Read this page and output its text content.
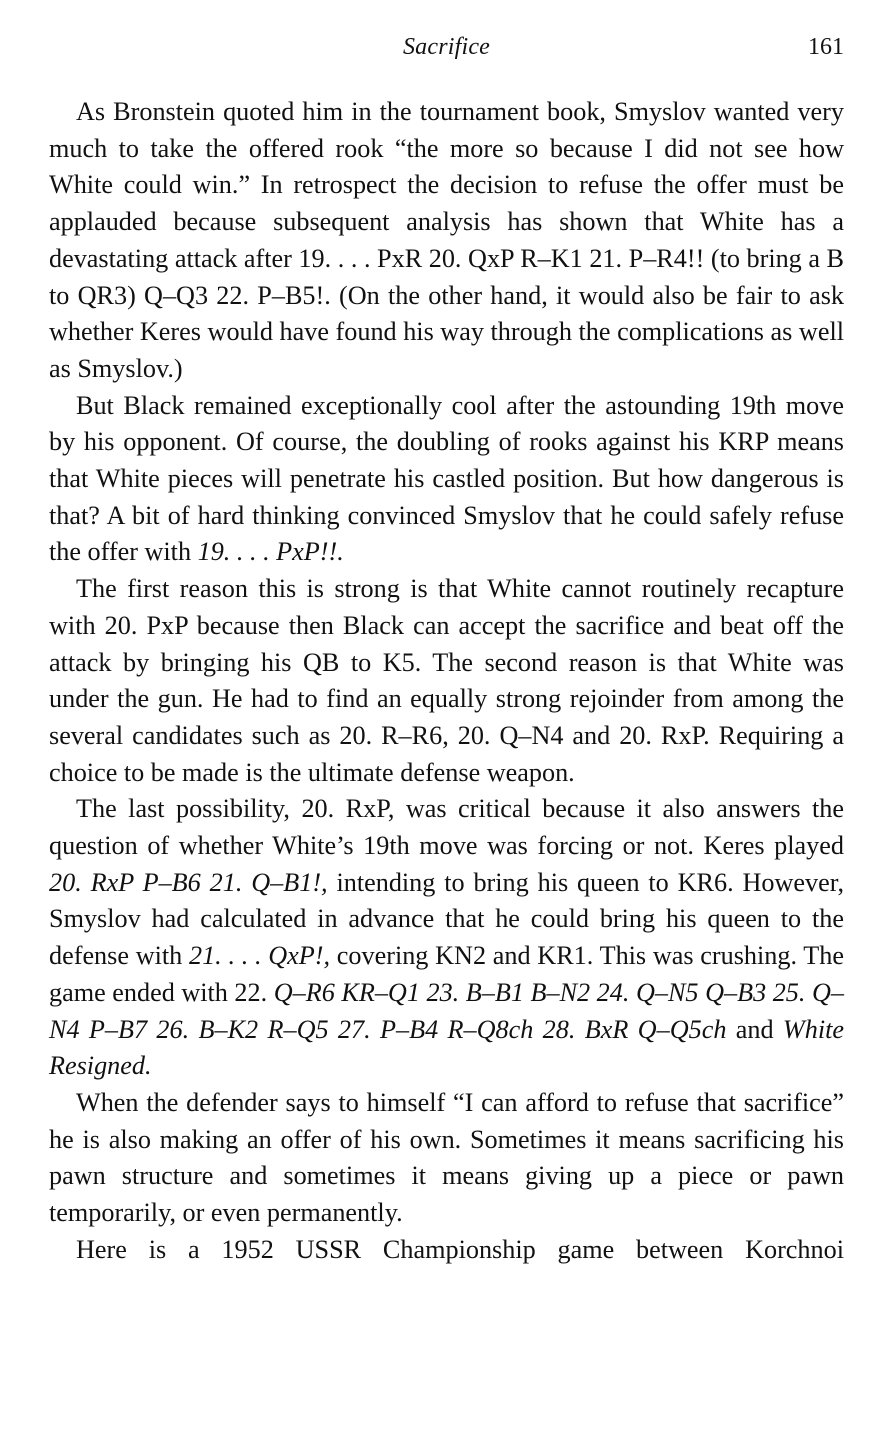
Sacrifice	161

As Bronstein quoted him in the tournament book, Smyslov wanted very much to take the offered rook “the more so because I did not see how White could win.” In retrospect the decision to refuse the offer must be applauded because subsequent analysis has shown that White has a devastating attack after 19. . . . PxR 20. QxP R–K1 21. P–R4!! (to bring a B to QR3) Q–Q3 22. P–B5!. (On the other hand, it would also be fair to ask whether Keres would have found his way through the complications as well as Smyslov.)

But Black remained exceptionally cool after the astounding 19th move by his opponent. Of course, the doubling of rooks against his KRP means that White pieces will penetrate his castled position. But how dangerous is that? A bit of hard thinking convinced Smyslov that he could safely refuse the offer with 19. . . . PxP!!.

The first reason this is strong is that White cannot routinely recapture with 20. PxP because then Black can accept the sacrifice and beat off the attack by bringing his QB to K5. The second reason is that White was under the gun. He had to find an equally strong rejoinder from among the several candidates such as 20. R–R6, 20. Q–N4 and 20. RxP. Requiring a choice to be made is the ultimate defense weapon.

The last possibility, 20. RxP, was critical because it also answers the question of whether White’s 19th move was forcing or not. Keres played 20. RxP P–B6 21. Q–B1!, intending to bring his queen to KR6. However, Smyslov had calculated in advance that he could bring his queen to the defense with 21. . . . QxP!, covering KN2 and KR1. This was crushing. The game ended with 22. Q–R6 KR–Q1 23. B–B1 B–N2 24. Q–N5 Q–B3 25. Q–N4 P–B7 26. B–K2 R–Q5 27. P–B4 R–Q8ch 28. BxR Q–Q5ch and White Resigned.

When the defender says to himself “I can afford to refuse that sacrifice” he is also making an offer of his own. Sometimes it means sacrificing his pawn structure and sometimes it means giving up a piece or pawn temporarily, or even permanently.

Here is a 1952 USSR Championship game between Korchnoi
